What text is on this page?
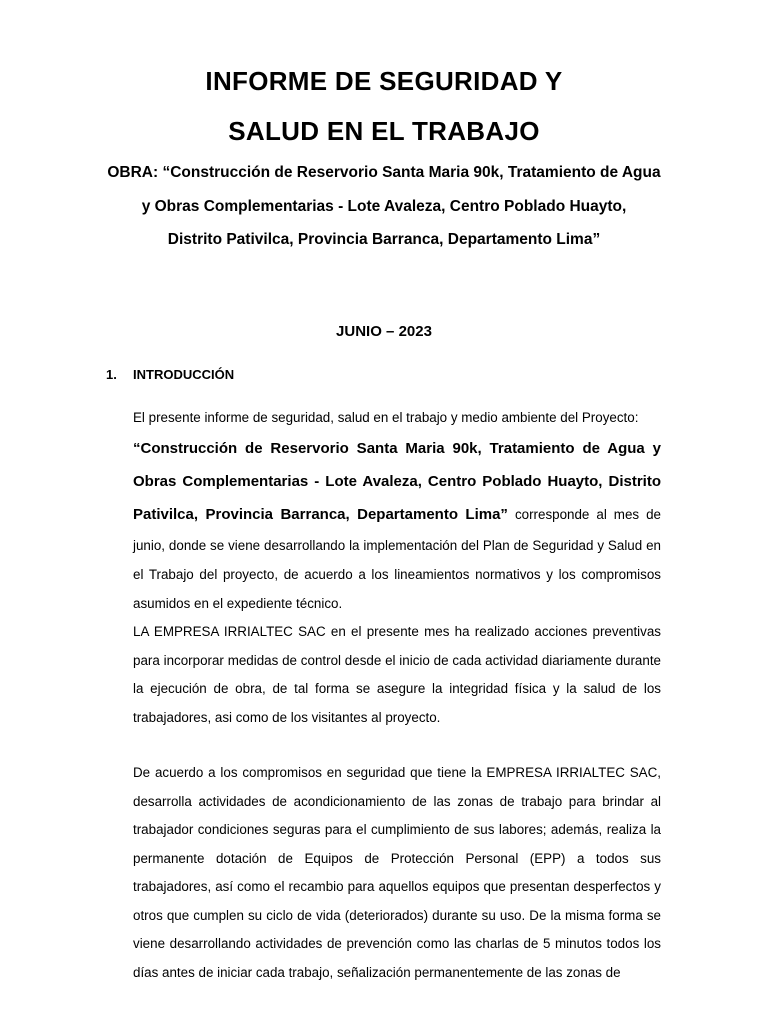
INFORME DE SEGURIDAD Y
SALUD EN EL TRABAJO

OBRA: “Construcción de Reservorio Santa Maria 90k, Tratamiento de Agua

y Obras Complementarias - Lote Avaleza, Centro Poblado Huayto,

Distrito Pativilca, Provincia Barranca, Departamento Lima”

JUNIO – 2023

1. INTRODUCCIÓN

El presente informe de seguridad, salud en el trabajo y medio ambiente del Proyecto:
“Construcción de Reservorio Santa Maria 90k, Tratamiento de Agua y Obras Complementarias - Lote Avaleza, Centro Poblado Huayto, Distrito Pativilca, Provincia Barranca, Departamento Lima” corresponde al mes de junio, donde se viene desarrollando la implementación del Plan de Seguridad y Salud en el Trabajo del proyecto, de acuerdo a los lineamientos normativos y los compromisos asumidos en el expediente técnico.

LA EMPRESA IRRIALTEC SAC en el presente mes ha realizado acciones preventivas para incorporar medidas de control desde el inicio de cada actividad diariamente durante la ejecución de obra, de tal forma se asegure la integridad física y la salud de los trabajadores, asi como de los visitantes al proyecto.

De acuerdo a los compromisos en seguridad que tiene la EMPRESA IRRIALTEC SAC, desarrolla actividades de acondicionamiento de las zonas de trabajo para brindar al trabajador condiciones seguras para el cumplimiento de sus labores; además, realiza la permanente dotación de Equipos de Protección Personal (EPP) a todos sus trabajadores, así como el recambio para aquellos equipos que presentan desperfectos y otros que cumplen su ciclo de vida (deteriorados) durante su uso. De la misma forma se viene desarrollando actividades de prevención como las charlas de 5 minutos todos los días antes de iniciar cada trabajo, señalización permanentemente de las zonas de
